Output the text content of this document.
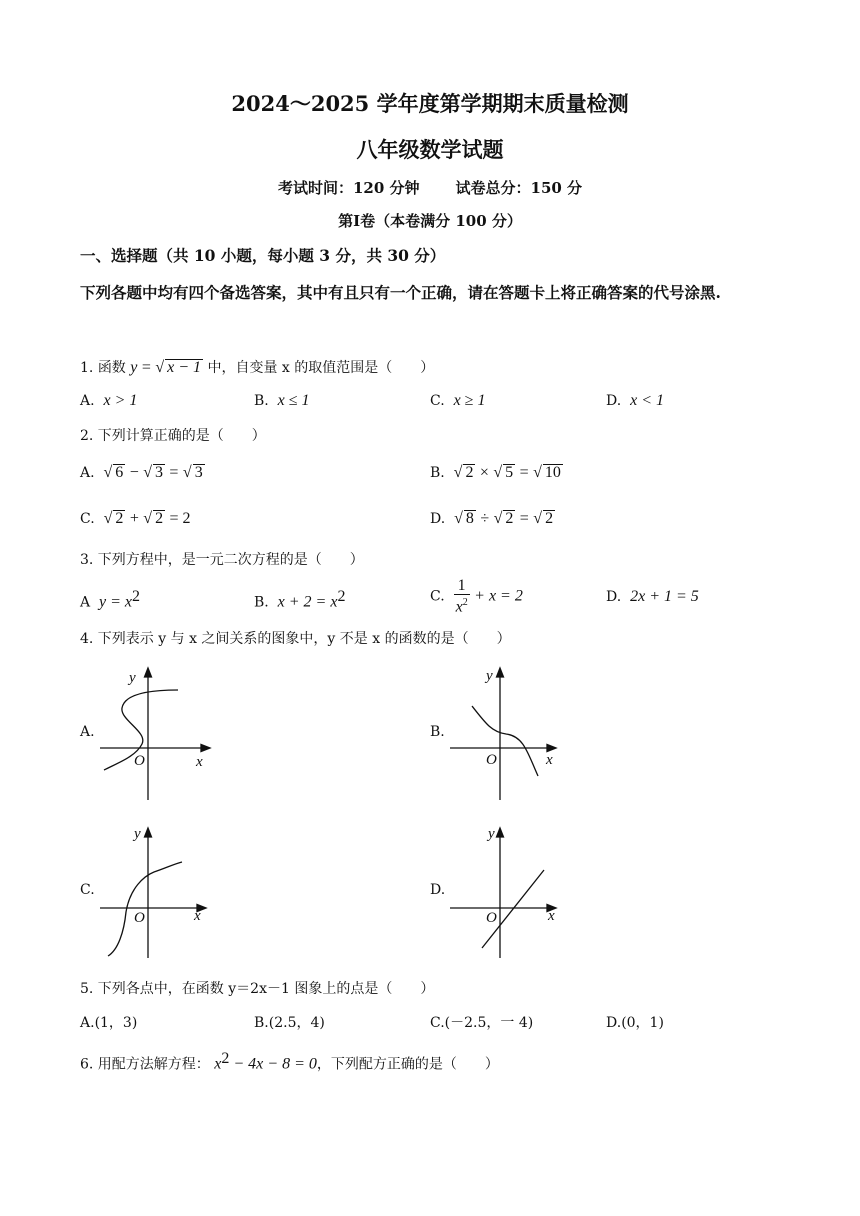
2024～2025 学年度第学期期末质量检测
八年级数学试题
考试时间：120 分钟 试卷总分：150 分
第Ⅰ卷（本卷满分 100 分）
一、选择题（共 10 小题，每小题 3 分，共 30 分）
下列各题中均有四个备选答案，其中有且只有一个正确，请在答题卡上将正确答案的代号涂黑.
1. 函数 y = √ x − 1 中，自变量 x 的取值范围是（　　）
A. x > 1	B. x ≤ 1	C. x ≥ 1	D. x < 1
2. 下列计算正确的是（　　）
A. √ 6 − √ 3 = √ 3	B. √ 2 × √ 5 = √ 10
C. √ 2 + √ 2 = 2	D. √ 8 ÷ √ 2 = √ 2
3. 下列方程中，是一元二次方程的是（　　）
A $y = x^2$	B. $x + 2 = x^2$	C. $\frac{1}{x^2} + x = 2$	D. 2x + 1 = 5
4. 下列表示 y 与 x 之间关系的图象中，y 不是 x 的函数的是（　　）
A.	B.
C.	D.
y
x
O
y
x
O
y
x
O
y
x
O
5. 下列各点中，在函数 y＝2x－1 图象上的点是（　　）
A.(1，3)	B.(2.5，4)	C.(－2.5，一 4)	D.(0，1)
6. 用配方法解方程： $x^2 - 4x - 8 = 0$，下列配方正确的是（　　）
